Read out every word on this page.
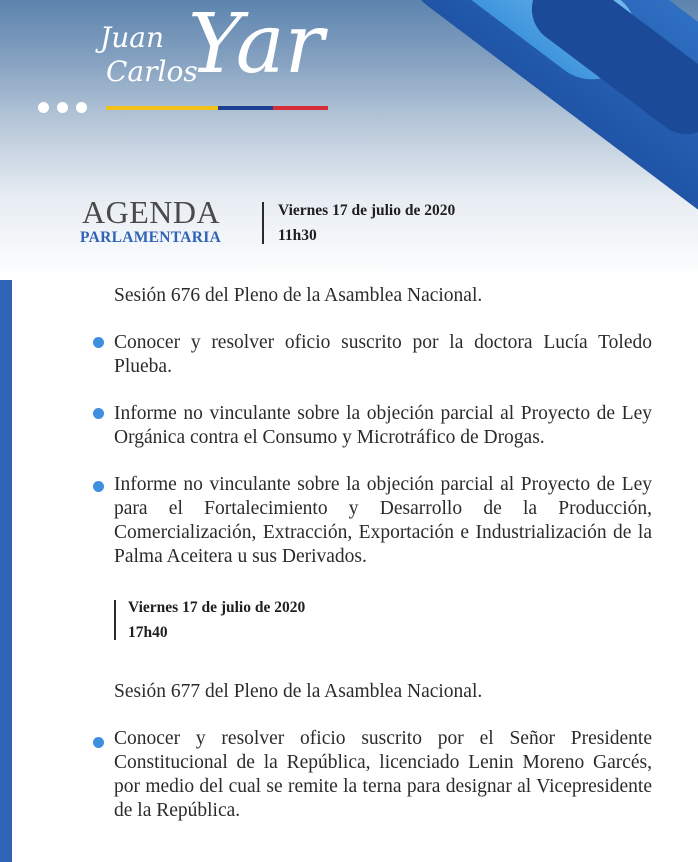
Juan
Carlos
Yar
AGENDA
PARLAMENTARIA
Viernes 17 de julio de 2020
11h30
Sesión 676 del Pleno de la Asamblea Nacional.
Conocer y resolver oficio suscrito por la doctora Lucía Toledo Plueba.
Informe no vinculante sobre la objeción parcial al Proyecto de Ley Orgánica contra el Consumo y Microtráfico de Drogas.
Informe no vinculante sobre la objeción parcial al Proyecto de Ley para el Fortalecimiento y Desarrollo de la Producción, Comercialización, Extracción, Exportación e Industrialización de la Palma Aceitera u sus Derivados.
Viernes 17 de julio de 2020
17h40
Sesión 677 del Pleno de la Asamblea Nacional.
Conocer y resolver oficio suscrito por el Señor Presidente Constitucional de la República, licenciado Lenin Moreno Garcés, por medio del cual se remite la terna para designar al Vicepresidente de la República.
